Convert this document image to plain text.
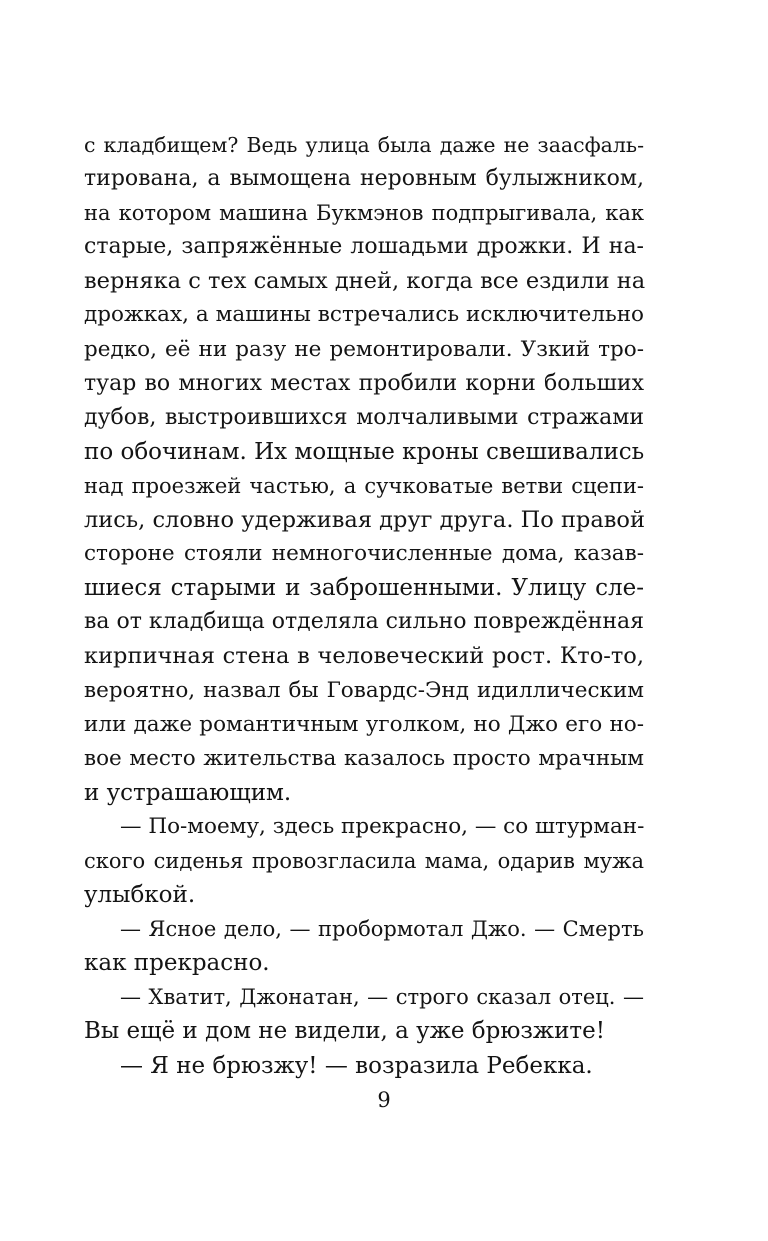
с кладбищем? Ведь улица была даже не заасфаль-
тирована, а вымощена неровным булыжником,
на котором машина Букмэнов подпрыгивала, как
старые, запряжённые лошадьми дрожки. И на-
верняка с тех самых дней, когда все ездили на
дрожках, а машины встречались исключительно
редко, её ни разу не ремонтировали. Узкий тро-
туар во многих местах пробили корни больших
дубов, выстроившихся молчаливыми стражами
по обочинам. Их мощные кроны свешивались
над проезжей частью, а сучковатые ветви сцепи-
лись, словно удерживая друг друга. По правой
стороне стояли немногочисленные дома, казав-
шиеся старыми и заброшенными. Улицу сле-
ва от кладбища отделяла сильно повреждённая
кирпичная стена в человеческий рост. Кто-то,
вероятно, назвал бы Говардс-Энд идиллическим
или даже романтичным уголком, но Джо его но-
вое место жительства казалось просто мрачным
и устрашающим.
— По-моему, здесь прекрасно, — со штурман-
ского сиденья провозгласила мама, одарив мужа
улыбкой.
— Ясное дело, — пробормотал Джо. — Смерть
как прекрасно.
— Хватит, Джонатан, — строго сказал отец. —
Вы ещё и дом не видели, а уже брюзжите!
— Я не брюзжу! — возразила Ребекка.
9
